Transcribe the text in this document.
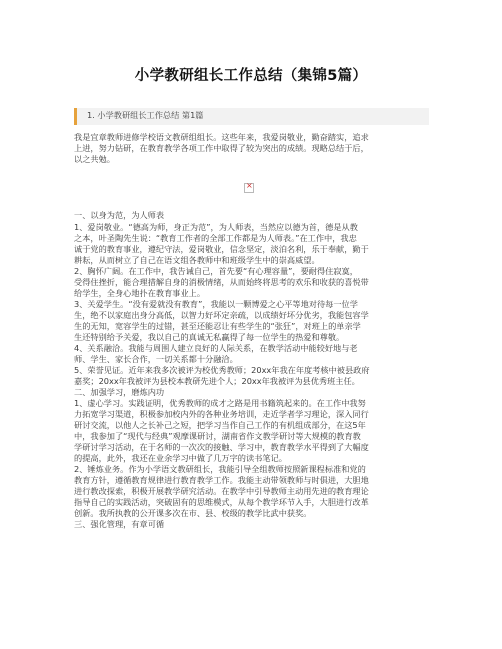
小学教研组长工作总结（集锦5篇）
1. 小学教研组长工作总结 第1篇
我是宜章教师进修学校语文教研组组长。这些年来，我爱岗敬业，勤奋踏实，追求
上进，努力钻研，在教育教学各项工作中取得了较为突出的成绩。现略总结于后，
以之共勉。
×
一、以身为范，为人师表
1、爱岗敬业。“德高为师，身正为范”，为人师表，当然应以德为首，德是从教
之本，叶圣陶先生说：“教育工作者的全部工作都是为人师表。”在工作中，我忠
诚于党的教育事业，遵纪守法，爱岗敬业，信念坚定，淡泊名利，乐于奉献，勤于
耕耘，从而树立了自己在语文组各教师中和班级学生中的崇高威望。
2、胸怀广阔。在工作中，我告诫自己，首先要“有心理容量”，要耐得住寂寞，
受得住挫折，能合理措解自身的消极情绪，从而始终将思考的欢乐和收获的喜悦带
给学生，全身心地扑在教育事业上。
3、关爱学生。“没有爱就没有教育”，我能以一颗博爱之心平等地对待每一位学
生，绝不以家庭出身分高低，以智力好坏定亲疏，以成绩好坏分优劣，我能包容学
生的无知，宽容学生的过错，甚至还能忍让有些学生的“张狂”，对班上的单亲学
生还特别给予关爱，我以自己的真诚无私赢得了每一位学生的热爱和尊敬。
4、关系融洽。我能与周围人建立良好的人际关系，在教学活动中能较好地与老
师、学生、家长合作，一切关系都十分融洽。
5、荣誉见证。近年来我多次被评为校优秀教师；20xx年我在年度考核中被县政府
嘉奖；20xx年我被评为县校本教研先进个人；20xx年我被评为县优秀班主任。
二、加强学习，磨炼内功
1、虚心学习。实践证明，优秀教师的成才之路是用书籍筑起来的。在工作中我努
力拓宽学习渠道，积极参加校内外的各种业务培训，走近学者学习理论，深入同行
研讨交流，以他人之长补己之短，把学习当作自己工作的有机组成部分，在这5年
中，我参加了“现代与经典”观摩课研讨，湖南省作文教学研讨等大规模的教育教
学研讨学习活动，在于名师的一次次的接触、学习中，教育教学水平得到了大幅度
的提高，此外，我还在业余学习中做了几万字的读书笔记。
2、锤炼业务。作为小学语文教研组长，我能引导全组教师按照新课程标准和党的
教育方针，遵循教育规律进行教育教学工作。我能主动带领教师与时俱进，大胆地
进行教改探索，积极开展教学研究活动。在教学中引导教师主动用先进的教育理论
指导自己的实践活动，突破固有的思维模式，从每个教学环节入手，大胆进行改革
创新。我所执教的公开课多次在市、县、校级的教学比武中获奖。
三、强化管理，有章可循
